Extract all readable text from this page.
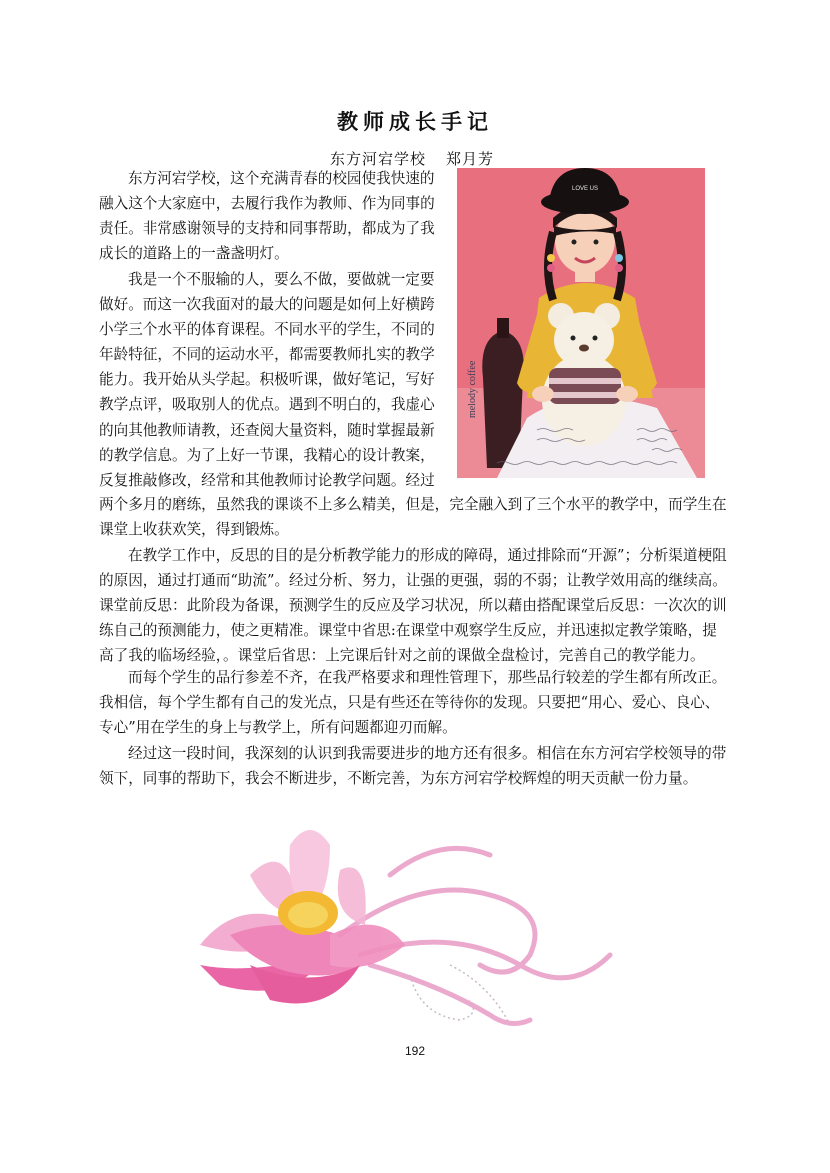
教师成长手记
东方河宕学校 郑月芳
LOVE US
melody coffee

东方河宕学校，这个充满青春的校园使我快速的融入这个大家庭中，去履行我作为教师、作为同事的责任。非常感谢领导的支持和同事帮助，都成为了我成长的道路上的一盏盏明灯。

我是一个不服输的人，要么不做，要做就一定要做好。而这一次我面对的最大的问题是如何上好横跨小学三个水平的体育课程。不同水平的学生，不同的年龄特征，不同的运动水平，都需要教师扎实的教学能力。我开始从头学起。积极听课，做好笔记，写好教学点评，吸取别人的优点。遇到不明白的，我虚心的向其他教师请教，还查阅大量资料，随时掌握最新的教学信息。为了上好一节课，我精心的设计教案，反复推敲修改，经常和其他教师讨论教学问题。经过

两个多月的磨练，虽然我的课谈不上多么精美，但是，完全融入到了三个水平的教学中，而学生在课堂上收获欢笑，得到锻炼。

在教学工作中，反思的目的是分析教学能力的形成的障碍，通过排除而“开源”；分析渠道梗阻的原因，通过打通而“助流”。经过分析、努力，让强的更强，弱的不弱；让教学效用高的继续高。课堂前反思：此阶段为备课，预测学生的反应及学习状况，所以藉由搭配课堂后反思：一次次的训练自己的预测能力，使之更精准。课堂中省思:在课堂中观察学生反应，并迅速拟定教学策略，提高了我的临场经验，。课堂后省思：上完课后针对之前的课做全盘检讨，完善自己的教学能力。

而每个学生的品行参差不齐，在我严格要求和理性管理下，那些品行较差的学生都有所改正。我相信，每个学生都有自己的发光点，只是有些还在等待你的发现。只要把“用心、爱心、良心、专心”用在学生的身上与教学上，所有问题都迎刃而解。

经过这一段时间，我深刻的认识到我需要进步的地方还有很多。相信在东方河宕学校领导的带领下，同事的帮助下，我会不断进步，不断完善，为东方河宕学校辉煌的明天贡献一份力量。

192
